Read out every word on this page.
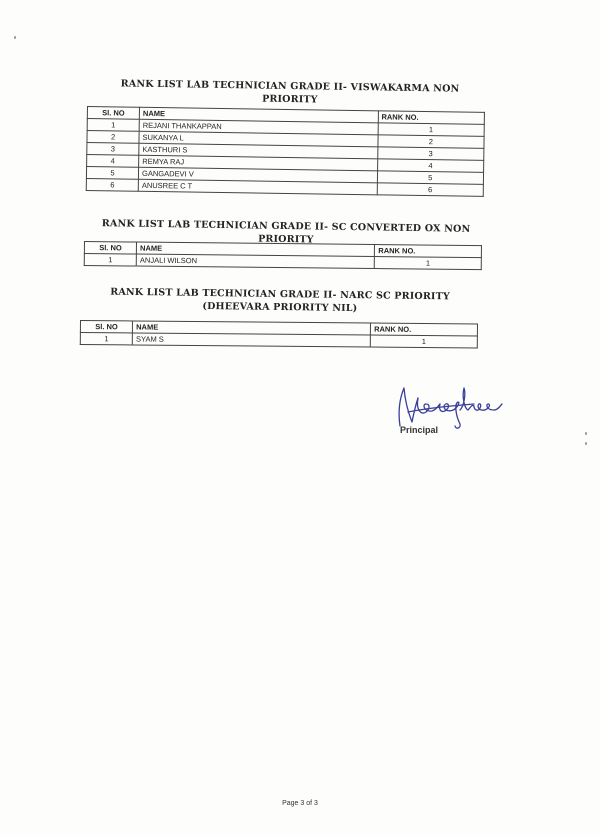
RANK LIST LAB TECHNICIAN GRADE II- VISWAKARMA NON PRIORITY
Sl. NO	NAME	RANK NO.
1	REJANI THANKAPPAN	1
2	SUKANYA L	2
3	KASTHURI S	3
4	REMYA RAJ	4
5	GANGADEVI V	5
6	ANUSREE C T	6
RANK LIST LAB TECHNICIAN GRADE II- SC CONVERTED OX NON PRIORITY
Sl. NO	NAME	RANK NO.
1	ANJALI WILSON	1
RANK LIST LAB TECHNICIAN GRADE II- NARC SC PRIORITY (DHEEVARA PRIORITY NIL)
Sl. NO	NAME	RANK NO.
1	SYAM S	1
Principal
Page 3 of 3
